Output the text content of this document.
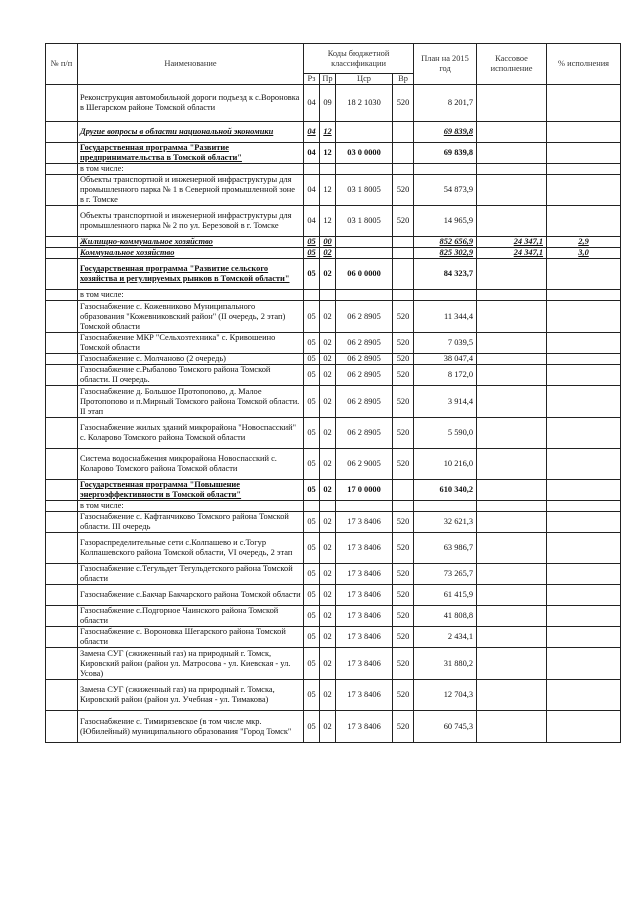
№ п/п	Наименование	Коды бюджетной классификации				План на 2015 год	Кассовое исполнение	% исполнения
		Рз	Пр	Цср	Вр			
	Реконструкция автомобильной дороги подъезд к с.Вороновка в Шегарском районе Томской области	04	09	18 2 1030	520	8 201,7		
	Другие вопросы в области национальной экономики	04	12			69 839,8		
	Государственная программа "Развитие предпринимательства в Томской области"	04	12	03 0 0000		69 839,8		
	в том числе:							
	Объекты транспортной и инженерной инфраструктуры для промышленного парка № 1 в Северной промышленной зоне в г. Томске	04	12	03 1 8005	520	54 873,9		
	Объекты транспортной и инженерной инфраструктуры для промышленного парка № 2 по ул. Березовой в г. Томске	04	12	03 1 8005	520	14 965,9		
	Жилищно-коммунальное хозяйство	05	00			852 656,9	24 347,1	2,9
	Коммунальное хозяйство	05	02			825 302,9	24 347,1	3,0
	Государственная программа "Развитие сельского хозяйства и регулируемых рынков в Томской области"	05	02	06 0 0000		84 323,7		
	в том числе:							
	Газоснабжение с. Кожевниково Муниципального образования "Кожевниковский район" (II очередь, 2 этап) Томской области	05	02	06 2 8905	520	11 344,4		
	Газоснабжение МКР "Сельхозтехника" с. Кривошеино Томской области	05	02	06 2 8905	520	7 039,5		
	Газоснабжение с. Молчаново (2 очередь)	05	02	06 2 8905	520	38 047,4		
	Газоснабжение с.Рыбалово Томского района Томской области. II очередь.	05	02	06 2 8905	520	8 172,0		
	Газоснабжение д. Большое Протопопово, д. Малое Протопопово и п.Мирный Томского района Томской области. II этап	05	02	06 2 8905	520	3 914,4		
	Газоснабжение жилых зданий микрорайона "Новоспасский" с. Коларово Томского района Томской области	05	02	06 2 8905	520	5 590,0		
	Система водоснабжения микрорайона Новоспасский с. Коларово Томского района Томской области	05	02	06 2 9005	520	10 216,0		
	Государственная программа "Повышение энергоэффективности в Томской области"	05	02	17 0 0000		610 340,2		
	в том числе:							
	Газоснабжение с. Кафтанчиково Томского района Томской области. III очередь	05	02	17 3 8406	520	32 621,3		
	Газораспределительные сети с.Колпашево и с.Тогур Колпашевского района Томской области, VI очередь, 2 этап	05	02	17 3 8406	520	63 986,7		
	Газоснабжение с.Тегульдет Тегульдетского района Томской области	05	02	17 3 8406	520	73 265,7		
	Газоснабжение с.Бакчар Бакчарского района Томской области	05	02	17 3 8406	520	61 415,9		
	Газоснабжение с.Подгорное Чаинского района Томской области	05	02	17 3 8406	520	41 808,8		
	Газоснабжение с. Вороновка Шегарского района Томской области	05	02	17 3 8406	520	2 434,1		
	Замена СУГ (сжиженный газ) на природный г. Томск, Кировский район (район ул. Матросова - ул. Киевская - ул. Усова)	05	02	17 3 8406	520	31 880,2		
	Замена СУГ (сжиженный газ) на природный г. Томска, Кировский район (район ул. Учебная - ул. Тимакова)	05	02	17 3 8406	520	12 704,3		
	Газоснабжение с. Тимирязевское (в том числе мкр. (Юбилейный) муниципального образования "Город Томск"	05	02	17 3 8406	520	60 745,3		
